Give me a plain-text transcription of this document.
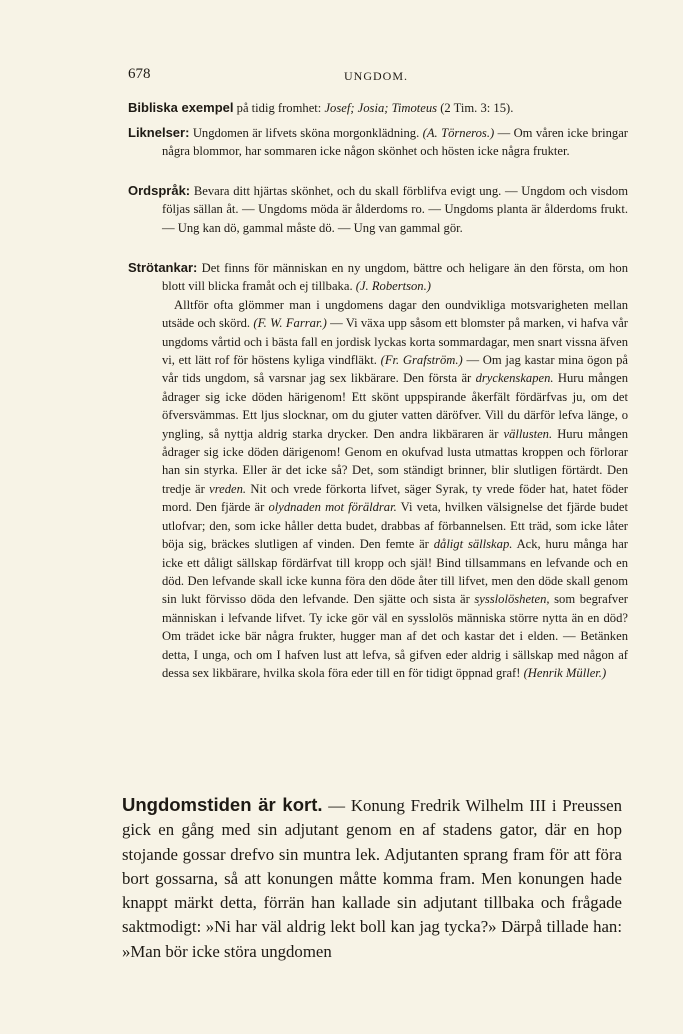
678	UNGDOM.

Bibliska exempel på tidig fromhet: Josef; Josia; Timoteus (2 Tim. 3: 15).

Liknelser: Ungdomen är lifvets sköna morgonklädning. (A. Törneros.) — Om våren icke bringar några blommor, har sommaren icke någon skönhet och hösten icke några frukter.

Ordspråk: Bevara ditt hjärtas skönhet, och du skall förblifva evigt ung. — Ungdom och visdom följas sällan åt. — Ungdoms möda är ålderdoms ro. — Ungdoms planta är ålderdoms frukt. — Ung kan dö, gammal måste dö. — Ung van gammal gör.

Strötankar: Det finns för människan en ny ungdom, bättre och heligare än den första, om hon blott vill blicka framåt och ej tillbaka. (J. Robertson.)

Alltför ofta glömmer man i ungdomens dagar den oundvikliga motsvarigheten mellan utsäde och skörd. (F. W. Farrar.) — Vi växa upp såsom ett blomster på marken, vi hafva vår ungdoms vårtid och i bästa fall en jordisk lyckas korta sommardagar, men snart vissna äfven vi, ett lätt rof för höstens kyliga vindfläkt. (Fr. Grafström.) — Om jag kastar mina ögon på vår tids ungdom, så varsnar jag sex likbärare. Den första är dryckenskapen. Huru mången ådrager sig icke döden härigenom! Ett skönt uppspirande åkerfält fördärfvas ju, om det öfversvämmas. Ett ljus slocknar, om du gjuter vatten däröfver. Vill du därför lefva länge, o yngling, så nyttja aldrig starka drycker. Den andra likbäraren är vällusten. Huru mången ådrager sig icke döden därigenom! Genom en okufvad lusta utmattas kroppen och förlorar han sin styrka. Eller är det icke så? Det, som ständigt brinner, blir slutligen förtärdt. Den tredje är vreden. Nit och vrede förkorta lifvet, säger Syrak, ty vrede föder hat, hatet föder mord. Den fjärde är olydnaden mot föräldrar. Vi veta, hvilken välsignelse det fjärde budet utlofvar; den, som icke håller detta budet, drabbas af förbannelsen. Ett träd, som icke låter böja sig, bräckes slutligen af vinden. Den femte är dåligt sällskap. Ack, huru många har icke ett dåligt sällskap fördärfvat till kropp och själ! Bind tillsammans en lefvande och en död. Den lefvande skall icke kunna föra den döde åter till lifvet, men den döde skall genom sin lukt förvisso döda den lefvande. Den sjätte och sista är sysslolösheten, som begrafver människan i lefvande lifvet. Ty icke gör väl en sysslolös människa större nytta än en död? Om trädet icke bär några frukter, hugger man af det och kastar det i elden. — Betänken detta, I unga, och om I hafven lust att lefva, så gifven eder aldrig i sällskap med någon af dessa sex likbärare, hvilka skola föra eder till en för tidigt öppnad graf! (Henrik Müller.)

Ungdomstiden är kort. — Konung Fredrik Wilhelm III i Preussen gick en gång med sin adjutant genom en af stadens gator, där en hop stojande gossar drefvo sin muntra lek. Adjutanten sprang fram för att föra bort gossarna, så att konungen måtte komma fram. Men konungen hade knappt märkt detta, förrän han kallade sin adjutant tillbaka och frågade saktmodigt: »Ni har väl aldrig lekt boll kan jag tycka?» Därpå tillade han: »Man bör icke störa ungdomen
